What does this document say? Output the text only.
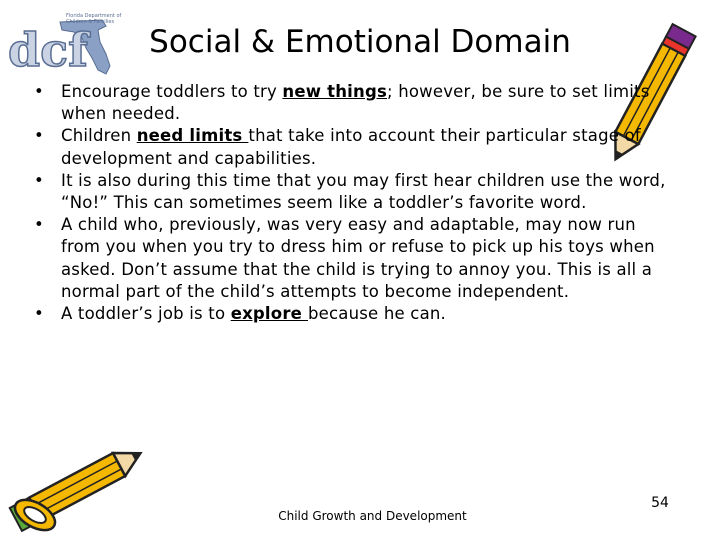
Florida Department of
Children & Families
dcf	Social & Emotional Domain
•	Encourage toddlers to try new things; however, be sure to set limits when needed.
•	Children need limits that take into account their particular stage of development and capabilities.
•	It is also during this time that you may first hear children use the word, “No!” This can sometimes seem like a toddler’s favorite word.
•	A child who, previously, was very easy and adaptable, may now run from you when you try to dress him or refuse to pick up his toys when asked. Don’t assume that the child is trying to annoy you. This is all a normal part of the child’s attempts to become independent.
•	A toddler’s job is to explore because he can.
Child Growth and Development
54
